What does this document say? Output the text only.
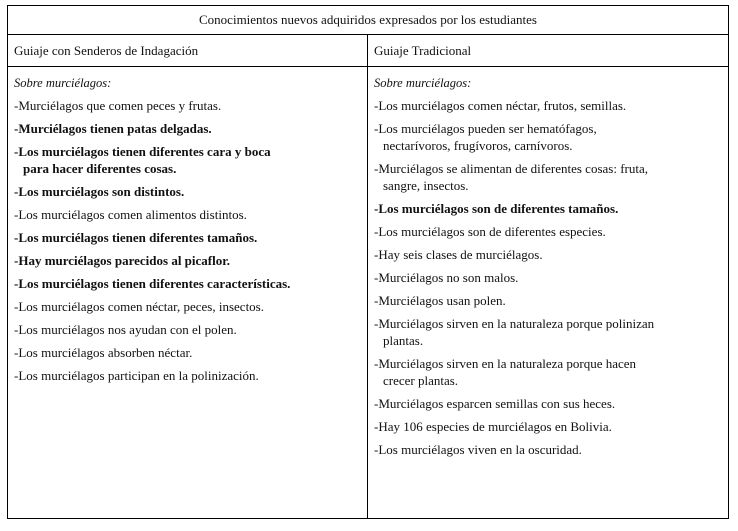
Conocimientos nuevos adquiridos expresados por los estudiantes
Guiaje con Senderos de Indagación	Guiaje Tradicional
Sobre murciélagos:
-Murciélagos que comen peces y frutas.
-Murciélagos tienen patas delgadas.
-Los murciélagos tienen diferentes cara y boca
para hacer diferentes cosas.
-Los murciélagos son distintos.
-Los murciélagos comen alimentos distintos.
-Los murciélagos tienen diferentes tamaños.
-Hay murciélagos parecidos al picaflor.
-Los murciélagos tienen diferentes características.
-Los murciélagos comen néctar, peces, insectos.
-Los murciélagos nos ayudan con el polen.
-Los murciélagos absorben néctar.
-Los murciélagos participan en la polinización.
Sobre murciélagos:
-Los murciélagos comen néctar, frutos, semillas.
-Los murciélagos pueden ser hematófagos,
nectarívoros, frugívoros, carnívoros.
-Murciélagos se alimentan de diferentes cosas: fruta,
sangre, insectos.
-Los murciélagos son de diferentes tamaños.
-Los murciélagos son de diferentes especies.
-Hay seis clases de murciélagos.
-Murciélagos no son malos.
-Murciélagos usan polen.
-Murciélagos sirven en la naturaleza porque polinizan
plantas.
-Murciélagos sirven en la naturaleza porque hacen
crecer plantas.
-Murciélagos esparcen semillas con sus heces.
-Hay 106 especies de murciélagos en Bolivia.
-Los murciélagos viven en la oscuridad.
